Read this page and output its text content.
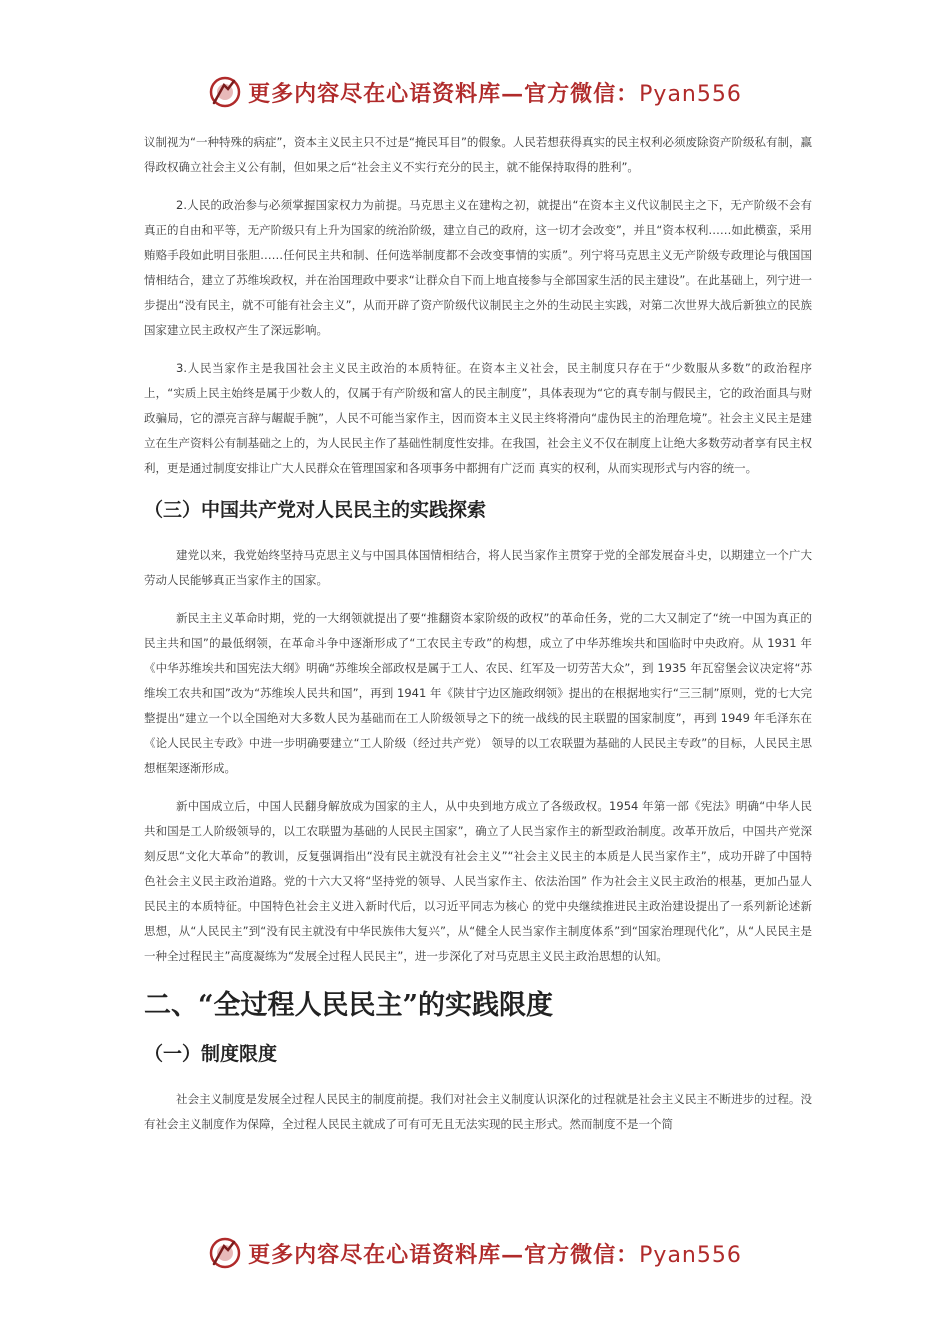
更多内容尽在心语资料库—官方微信：Pyan556

议制视为“一种特殊的病症”，资本主义民主只不过是“掩民耳目”的假象。人民若想获得真实的民主权利必须废除资产阶级私有制，赢得政权确立社会主义公有制，但如果之后“社会主义不实行充分的民主，就不能保持取得的胜利”。

2.人民的政治参与必须掌握国家权力为前提。马克思主义在建构之初，就提出“在资本主义代议制民主之下，无产阶级不会有真正的自由和平等，无产阶级只有上升为国家的统治阶级，建立自己的政府，这一切才会改变”，并且“资本权利……如此横蛮，采用贿赂手段如此明目张胆……任何民主共和制、任何选举制度都不会改变事情的实质”。列宁将马克思主义无产阶级专政理论与俄国国情相结合，建立了苏维埃政权，并在治国理政中要求“让群众自下而上地直接参与全部国家生活的民主建设”。在此基础上，列宁进一步提出“没有民主，就不可能有社会主义”，从而开辟了资产阶级代议制民主之外的生动民主实践，对第二次世界大战后新独立的民族国家建立民主政权产生了深远影响。

3.人民当家作主是我国社会主义民主政治的本质特征。在资本主义社会，民主制度只存在于“少数服从多数”的政治程序上，“实质上民主始终是属于少数人的，仅属于有产阶级和富人的民主制度”，具体表现为“它的真专制与假民主，它的政治面具与财政骗局，它的漂亮言辞与龌龊手腕”，人民不可能当家作主，因而资本主义民主终将滑向“虚伪民主的治理危境”。社会主义民主是建立在生产资料公有制基础之上的，为人民民主作了基础性制度性安排。在我国，社会主义不仅在制度上让绝大多数劳动者享有民主权利，更是通过制度安排让广大人民群众在管理国家和各项事务中都拥有广泛而 真实的权利，从而实现形式与内容的统一。

（三）中国共产党对人民民主的实践探索

建党以来，我党始终坚持马克思主义与中国具体国情相结合，将人民当家作主贯穿于党的全部发展奋斗史，以期建立一个广大劳动人民能够真正当家作主的国家。

新民主主义革命时期，党的一大纲领就提出了要“推翻资本家阶级的政权”的革命任务，党的二大又制定了“统一中国为真正的民主共和国”的最低纲领，在革命斗争中逐渐形成了“工农民主专政”的构想，成立了中华苏维埃共和国临时中央政府。从 1931 年《中华苏维埃共和国宪法大纲》明确“苏维埃全部政权是属于工人、农民、红军及一切劳苦大众”，到 1935 年瓦窑堡会议决定将“苏维埃工农共和国”改为“苏维埃人民共和国”，再到 1941 年《陕甘宁边区施政纲领》提出的在根据地实行“三三制”原则，党的七大完整提出“建立一个以全国绝对大多数人民为基础而在工人阶级领导之下的统一战线的民主联盟的国家制度”，再到 1949 年毛泽东在《论人民民主专政》中进一步明确要建立“工人阶级（经过共产党） 领导的以工农联盟为基础的人民民主专政”的目标，人民民主思想框架逐渐形成。

新中国成立后，中国人民翻身解放成为国家的主人，从中央到地方成立了各级政权。1954 年第一部《宪法》明确“中华人民共和国是工人阶级领导的，以工农联盟为基础的人民民主国家”，确立了人民当家作主的新型政治制度。改革开放后，中国共产党深刻反思“文化大革命”的教训，反复强调指出“没有民主就没有社会主义”“社会主义民主的本质是人民当家作主”，成功开辟了中国特色社会主义民主政治道路。党的十六大又将“坚持党的领导、人民当家作主、依法治国” 作为社会主义民主政治的根基，更加凸显人民民主的本质特征。中国特色社会主义进入新时代后，以习近平同志为核心 的党中央继续推进民主政治建设提出了一系列新论述新思想，从“人民民主”到“没有民主就没有中华民族伟大复兴”，从“健全人民当家作主制度体系”到“国家治理现代化”，从“人民民主是一种全过程民主”高度凝练为“发展全过程人民民主”，进一步深化了对马克思主义民主政治思想的认知。

二、“全过程人民民主”的实践限度
（一）制度限度

社会主义制度是发展全过程人民民主的制度前提。我们对社会主义制度认识深化的过程就是社会主义民主不断进步的过程。没有社会主义制度作为保障，全过程人民民主就成了可有可无且无法实现的民主形式。然而制度不是一个简

更多内容尽在心语资料库—官方微信：Pyan556
